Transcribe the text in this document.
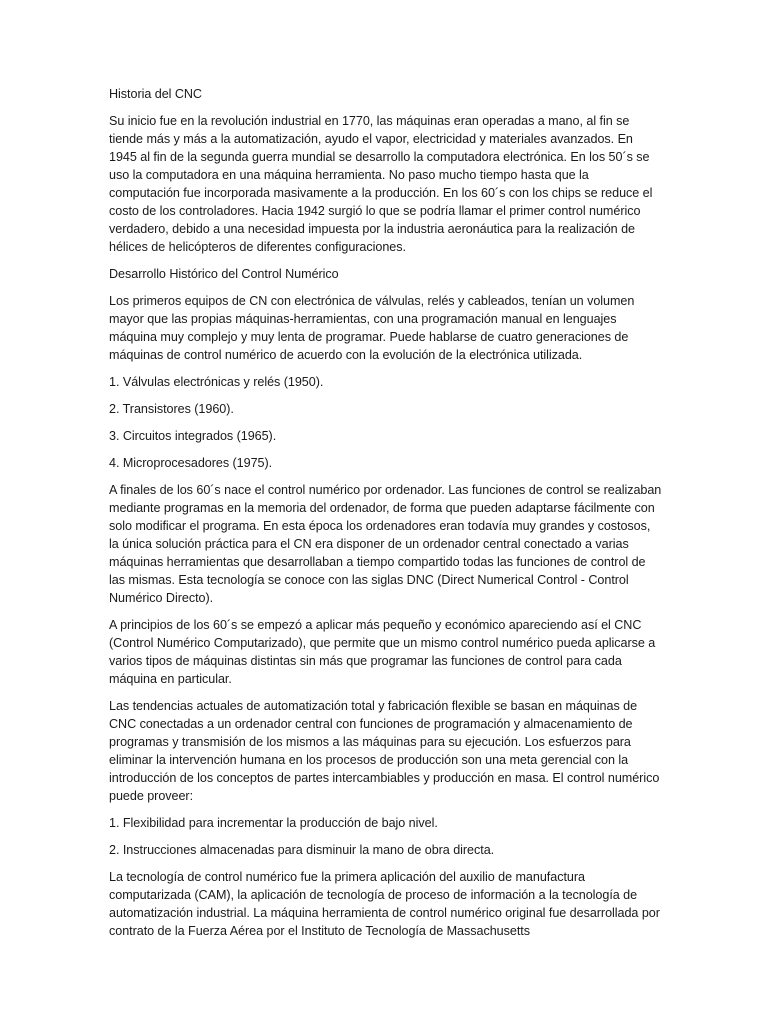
Historia del CNC

Su inicio fue en la revolución industrial en 1770, las máquinas eran operadas a mano, al fin se tiende más y más a la automatización, ayudo el vapor, electricidad y materiales avanzados. En 1945 al fin de la segunda guerra mundial se desarrollo la computadora electrónica. En los 50´s se uso la computadora en una máquina herramienta. No paso mucho tiempo hasta que la computación fue incorporada masivamente a la producción. En los 60´s con los chips se reduce el costo de los controladores. Hacia 1942 surgió lo que se podría llamar el primer control numérico verdadero, debido a una necesidad impuesta por la industria aeronáutica para la realización de hélices de helicópteros de diferentes configuraciones.

Desarrollo Histórico del Control Numérico

Los primeros equipos de CN con electrónica de válvulas, relés y cableados, tenían un volumen mayor que las propias máquinas-herramientas, con una programación manual en lenguajes máquina muy complejo y muy lenta de programar. Puede hablarse de cuatro generaciones de máquinas de control numérico de acuerdo con la evolución de la electrónica utilizada.

1. Válvulas electrónicas y relés (1950).

2. Transistores (1960).

3. Circuitos integrados (1965).

4. Microprocesadores (1975).

A finales de los 60´s nace el control numérico por ordenador. Las funciones de control se realizaban mediante programas en la memoria del ordenador, de forma que pueden adaptarse fácilmente con solo modificar el programa. En esta época los ordenadores eran todavía muy grandes y costosos, la única solución práctica para el CN era disponer de un ordenador central conectado a varias máquinas herramientas que desarrollaban a tiempo compartido todas las funciones de control de las mismas. Esta tecnología se conoce con las siglas DNC (Direct Numerical Control - Control Numérico Directo).

A principios de los 60´s se empezó a aplicar más pequeño y económico apareciendo así el CNC (Control Numérico Computarizado), que permite que un mismo control numérico pueda aplicarse a varios tipos de máquinas distintas sin más que programar las funciones de control para cada máquina en particular.

Las tendencias actuales de automatización total y fabricación flexible se basan en máquinas de CNC conectadas a un ordenador central con funciones de programación y almacenamiento de programas y transmisión de los mismos a las máquinas para su ejecución. Los esfuerzos para eliminar la intervención humana en los procesos de producción son una meta gerencial con la introducción de los conceptos de partes intercambiables y producción en masa. El control numérico puede proveer:

1. Flexibilidad para incrementar la producción de bajo nivel.

2. Instrucciones almacenadas para disminuir la mano de obra directa.

La tecnología de control numérico fue la primera aplicación del auxilio de manufactura computarizada (CAM), la aplicación de tecnología de proceso de información a la tecnología de automatización industrial. La máquina herramienta de control numérico original fue desarrollada por contrato de la Fuerza Aérea por el Instituto de Tecnología de Massachusetts
